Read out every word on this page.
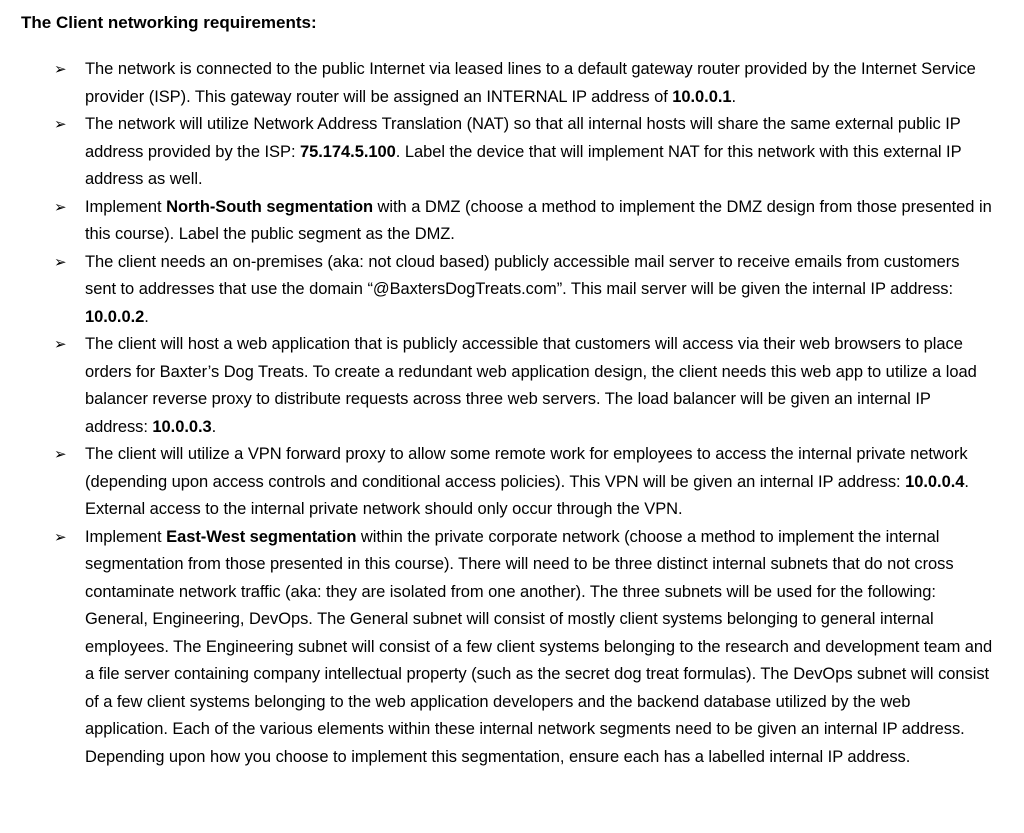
The Client networking requirements:
➢ The network is connected to the public Internet via leased lines to a default gateway router provided by the Internet Service provider (ISP). This gateway router will be assigned an INTERNAL IP address of 10.0.0.1.
➢ The network will utilize Network Address Translation (NAT) so that all internal hosts will share the same external public IP address provided by the ISP: 75.174.5.100. Label the device that will implement NAT for this network with this external IP address as well.
➢ Implement North-South segmentation with a DMZ (choose a method to implement the DMZ design from those presented in this course). Label the public segment as the DMZ.
➢ The client needs an on-premises (aka: not cloud based) publicly accessible mail server to receive emails from customers sent to addresses that use the domain “@BaxtersDogTreats.com”. This mail server will be given the internal IP address: 10.0.0.2.
➢ The client will host a web application that is publicly accessible that customers will access via their web browsers to place orders for Baxter’s Dog Treats. To create a redundant web application design, the client needs this web app to utilize a load balancer reverse proxy to distribute requests across three web servers. The load balancer will be given an internal IP address: 10.0.0.3.
➢ The client will utilize a VPN forward proxy to allow some remote work for employees to access the internal private network (depending upon access controls and conditional access policies). This VPN will be given an internal IP address: 10.0.0.4. External access to the internal private network should only occur through the VPN.
➢ Implement East-West segmentation within the private corporate network (choose a method to implement the internal segmentation from those presented in this course). There will need to be three distinct internal subnets that do not cross contaminate network traffic (aka: they are isolated from one another). The three subnets will be used for the following: General, Engineering, DevOps. The General subnet will consist of mostly client systems belonging to general internal employees. The Engineering subnet will consist of a few client systems belonging to the research and development team and a file server containing company intellectual property (such as the secret dog treat formulas). The DevOps subnet will consist of a few client systems belonging to the web application developers and the backend database utilized by the web application. Each of the various elements within these internal network segments need to be given an internal IP address. Depending upon how you choose to implement this segmentation, ensure each has a labelled internal IP address.
